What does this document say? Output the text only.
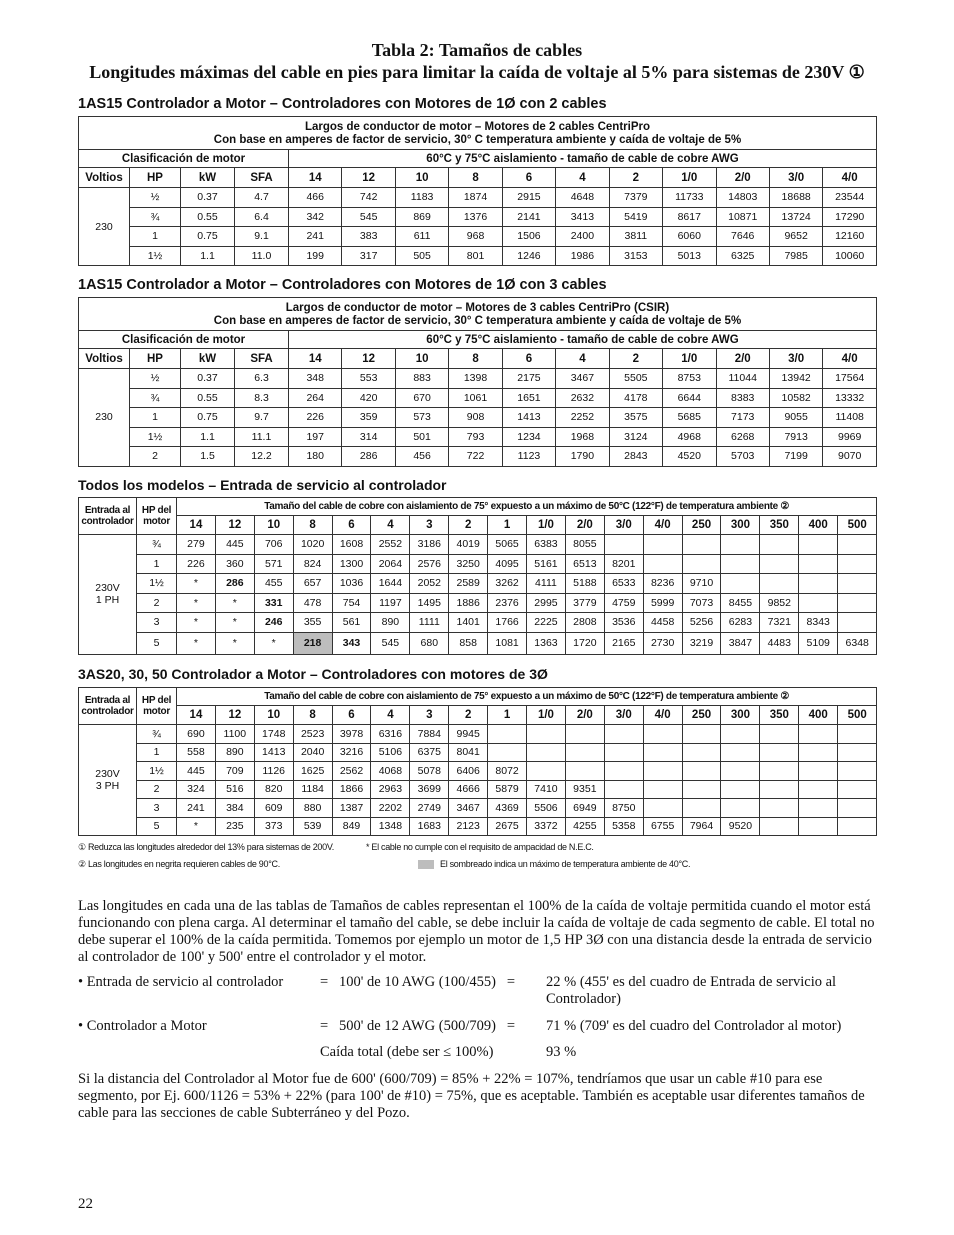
Tabla 2: Tamaños de cables
Longitudes máximas del cable en pies para limitar la caída de voltaje al 5% para sistemas de 230V ①
1AS15 Controlador a Motor – Controladores con Motores de 1Ø con 2 cables
Largos de conductor de motor – Motores de 2 cables CentriPro
Con base en amperes de factor de servicio, 30° C temperatura ambiente y caída de voltaje de 5%														

Clasificación de motor				60°C y 75°C aislamiento - tamaño de cable de cobre AWG										
Voltios	HP	kW	SFA	14	12	10	8	6	4	2	1/0	2/0	3/0	4/0
230	½	0.37	4.7	466	742	1183	1874	2915	4648	7379	11733	14803	18688	23544
	¾	0.55	6.4	342	545	869	1376	2141	3413	5419	8617	10871	13724	17290
	1	0.75	9.1	241	383	611	968	1506	2400	3811	6060	7646	9652	12160
	1½	1.1	11.0	199	317	505	801	1246	1986	3153	5013	6325	7985	10060
1AS15 Controlador a Motor – Controladores con Motores de 1Ø con 3 cables
Largos de conductor de motor – Motores de 3 cables CentriPro (CSIR)
Con base en amperes de factor de servicio, 30° C temperatura ambiente y caída de voltaje de 5%														

Clasificación de motor				60°C y 75°C aislamiento - tamaño de cable de cobre AWG										
Voltios	HP	kW	SFA	14	12	10	8	6	4	2	1/0	2/0	3/0	4/0
230	½	0.37	6.3	348	553	883	1398	2175	3467	5505	8753	11044	13942	17564
	¾	0.55	8.3	264	420	670	1061	1651	2632	4178	6644	8383	10582	13332
	1	0.75	9.7	226	359	573	908	1413	2252	3575	5685	7173	9055	11408
	1½	1.1	11.1	197	314	501	793	1234	1968	3124	4968	6268	7913	9969
	2	1.5	12.2	180	286	456	722	1123	1790	2843	4520	5703	7199	9070
Todos los modelos – Entrada de servicio al controlador
Entrada al controlador	HP del motor	Tamaño del cable de cobre con aislamiento de 75° expuesto a un máximo de 50°C (122°F) de temperatura ambiente ②																	
		14	12	10	8	6	4	3	2	1	1/0	2/0	3/0	4/0	250	300	350	400	500
230V 1 PH	¾	279	445	706	1020	1608	2552	3186	4019	5065	6383	8055							
	1	226	360	571	824	1300	2064	2576	3250	4095	5161	6513	8201						
	1½	*	286	455	657	1036	1644	2052	2589	3262	4111	5188	6533	8236	9710				
	2	*	*	331	478	754	1197	1495	1886	2376	2995	3779	4759	5999	7073	8455	9852		
	3	*	*	246	355	561	890	1111	1401	1766	2225	2808	3536	4458	5256	6283	7321	8343	
	5	*	*	*	218	343	545	680	858	1081	1363	1720	2165	2730	3219	3847	4483	5109	6348
3AS20, 30, 50 Controlador a Motor – Controladores con motores de 3Ø
Entrada al controlador	HP del motor	Tamaño del cable de cobre con aislamiento de 75° expuesto a un máximo de 50°C (122°F) de temperatura ambiente ②																	
		14	12	10	8	6	4	3	2	1	1/0	2/0	3/0	4/0	250	300	350	400	500
230V 3 PH	¾	690	1100	1748	2523	3978	6316	7884	9945										
	1	558	890	1413	2040	3216	5106	6375	8041										
	1½	445	709	1126	1625	2562	4068	5078	6406	8072									
	2	324	516	820	1184	1866	2963	3699	4666	5879	7410	9351							
	3	241	384	609	880	1387	2202	2749	3467	4369	5506	6949	8750						
	5	*	235	373	539	849	1348	1683	2123	2675	3372	4255	5358	6755	7964	9520			
① Reduzca las longitudes alrededor del 13% para sistemas de 200V.	* El cable no cumple con el requisito de ampacidad de N.E.C.
② Las longitudes en negrita requieren cables de 90°C.	El sombreado indica un máximo de temperatura ambiente de 40°C.
Las longitudes en cada una de las tablas de Tamaños de cables representan el 100% de la caída de voltaje permitida cuando el motor está funcionando con plena carga. Al determinar el tamaño del cable, se debe incluir la caída de voltaje de cada segmento de cable. El total no debe superar el 100% de la caída permitida. Tomemos por ejemplo un motor de 1,5 HP 3Ø con una distancia desde la entrada de servicio al controlador de 100' y 500' entre el controlador y el motor.
• Entrada de servicio al controlador	=   100' de 10 AWG (100/455)   = 22 % (455' es del cuadro de Entrada de servicio al Controlador)
• Controlador a Motor	=   500' de 12 AWG (500/709)   = 71 % (709' es del cuadro del Controlador al motor)
Caída total (debe ser ≤ 100%)	93 %
Si la distancia del Controlador al Motor fue de 600' (600/709) = 85% + 22% = 107%, tendríamos que usar un cable #10 para ese segmento, por Ej. 600/1126 = 53% + 22% (para 100' de #10) = 75%, que es aceptable. También es aceptable usar diferentes tamaños de cable para las secciones de cable Subterráneo y del Pozo.
22
